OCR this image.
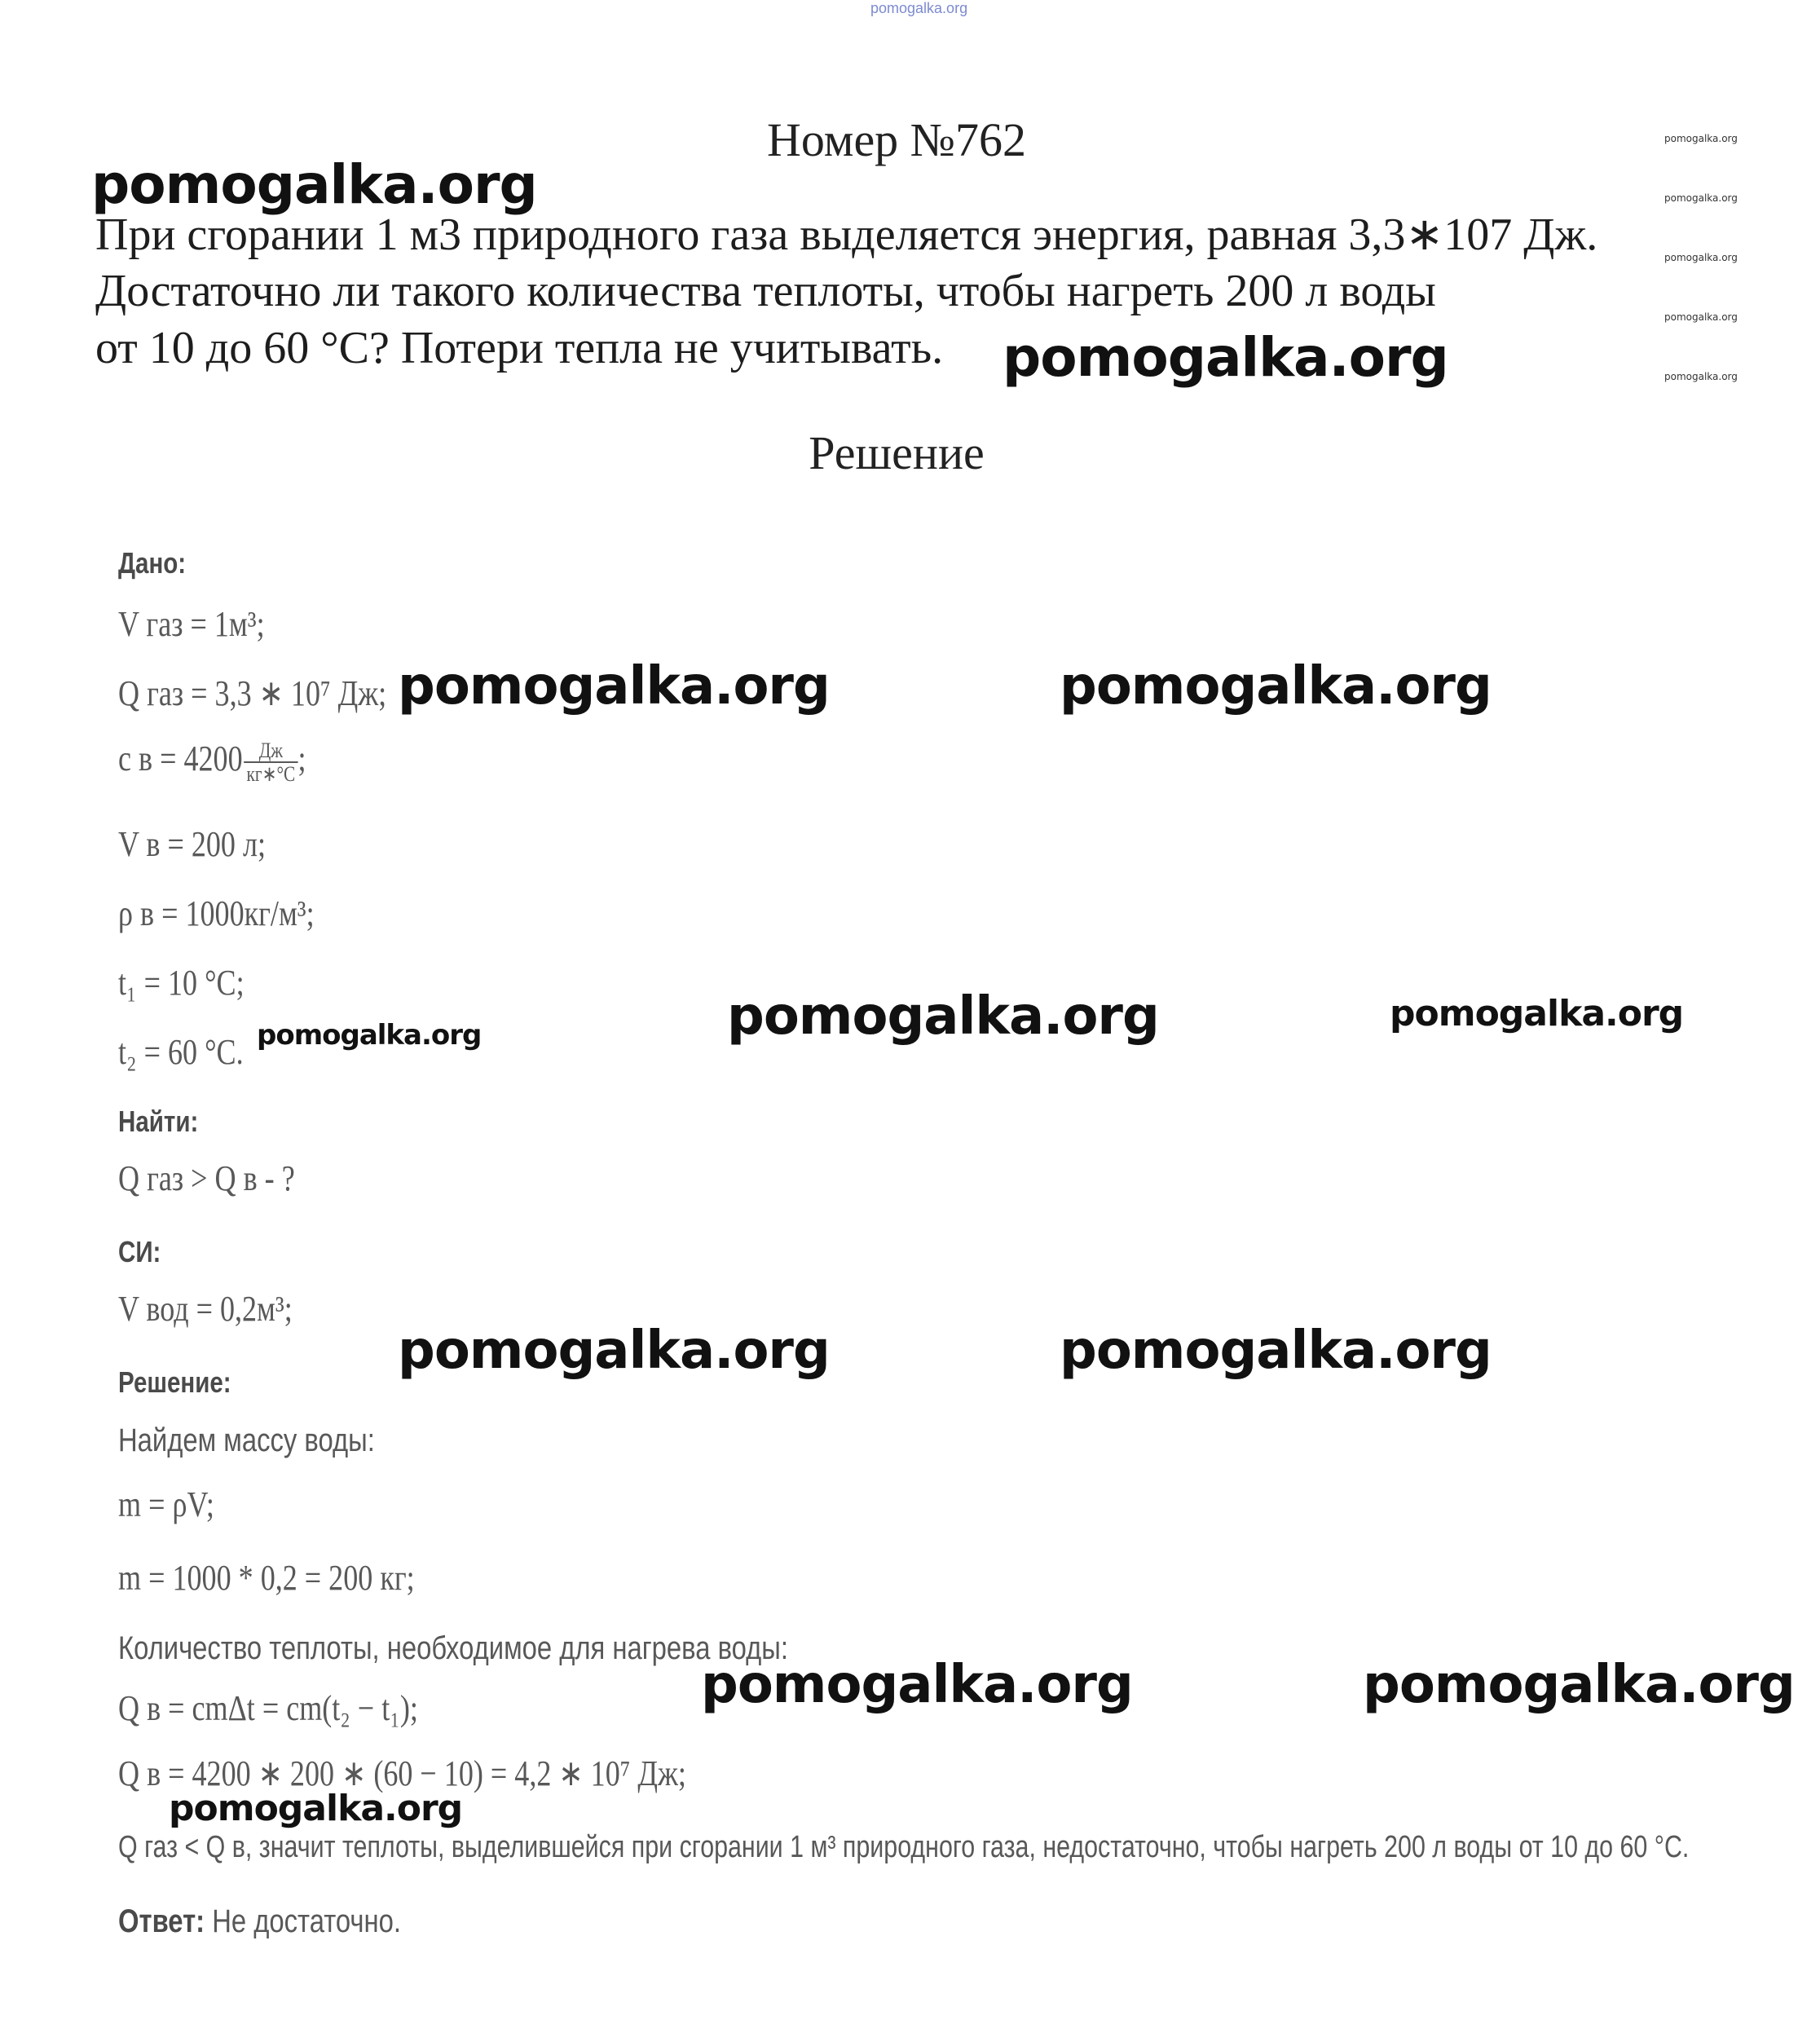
pomogalka.org
Номер №762
При сгорании 1 м3 природного газа выделяется энергия, равная 3,3∗107 Дж.
Достаточно ли такого количества теплоты, чтобы нагреть 200 л воды
от 10 до 60 °С? Потери тепла не учитывать.
Решение
Дано:
V газ = 1м³;
Q газ = 3,3 ∗ 10⁷ Дж;
c $в = 4200 \frac{Дж}{кг∗^\circ С}$ ;
V в = 200 л;
ρ в = 1000кг/м³;
t₁ = 10 °С;
t₂ = 60 °С.
Найти:
Q газ > Q в - ?
СИ:
V вод = 0,2м³;
Решение:
Найдем массу воды:
m = ρV;
m = 1000 * 0,2 = 200 кг;
Количество теплоты, необходимое для нагрева воды:
Q в = cmΔt = cm(t₂ − t₁);
Q в = 4200 ∗ 200 ∗ (60 − 10) = 4,2 ∗ 10⁷ Дж;
Q газ < Q в, значит теплоты, выделившейся при сгорании 1 м³ природного газа, недостаточно, чтобы нагреть 200 л воды от 10 до 60 °С.
Ответ: Не достаточно.
pomogalka.org
pomogalka.org
pomogalka.org
pomogalka.org
pomogalka.org
pomogalka.org
pomogalka.org
pomogalka.org	pomogalka.org
pomogalka.org	pomogalka.org	pomogalka.org
pomogalka.org	pomogalka.org
pomogalka.org	pomogalka.org
pomogalka.org
